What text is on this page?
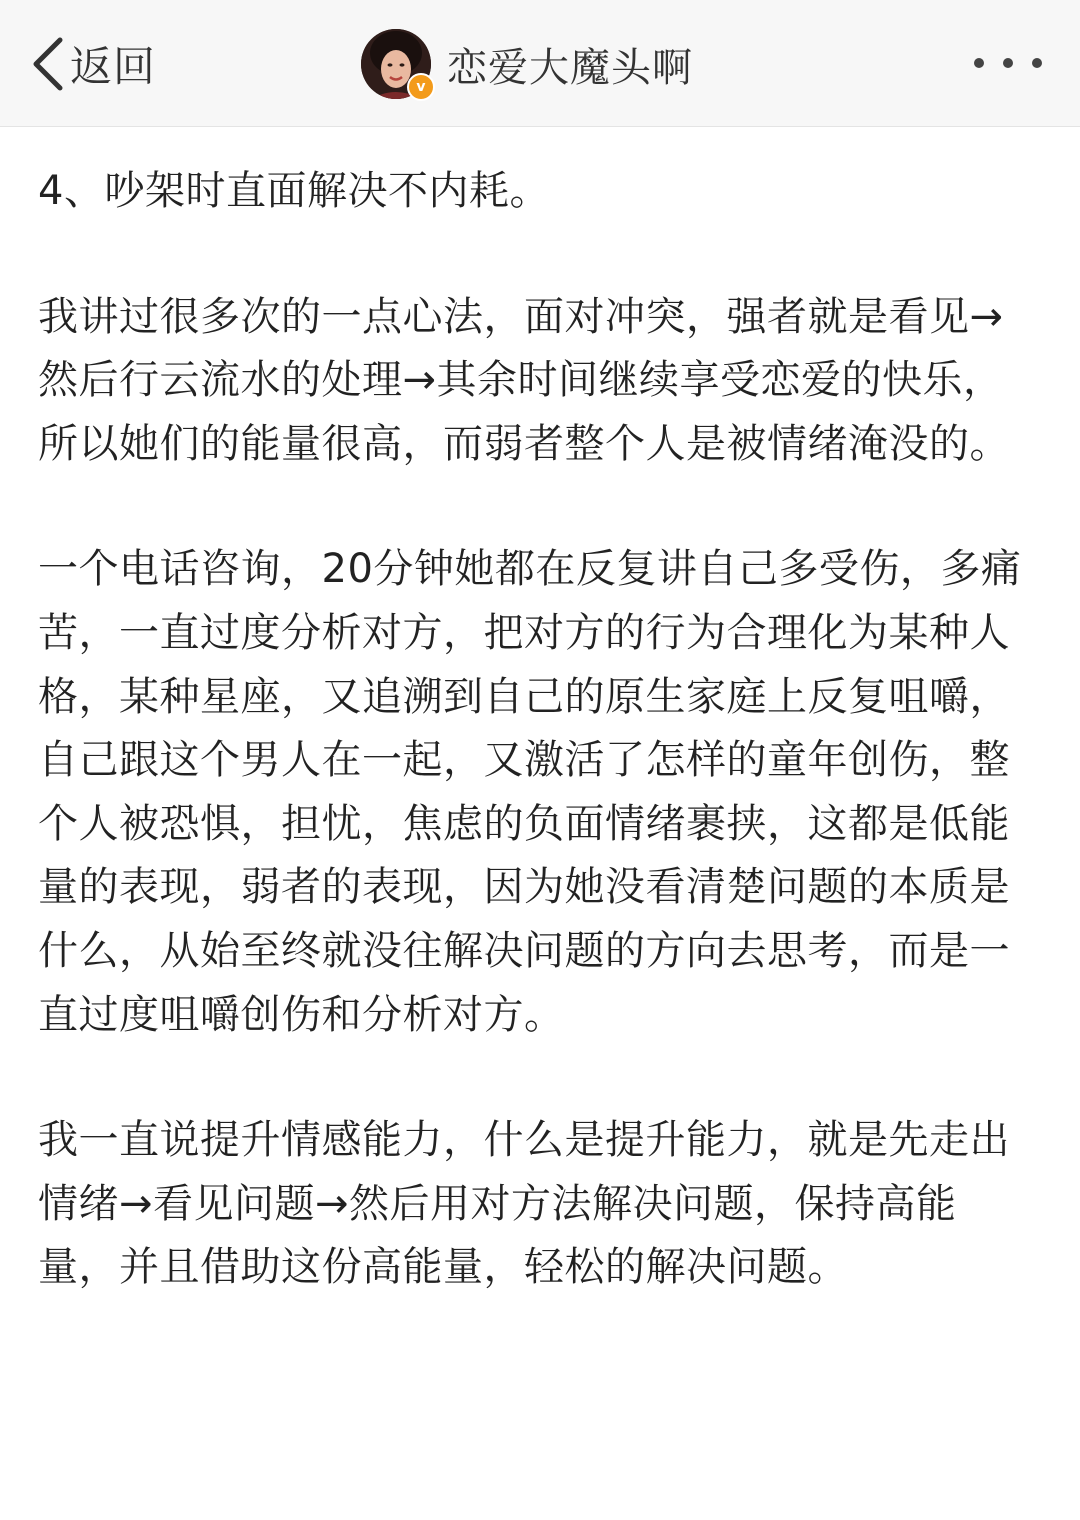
返回	v 恋爱大魔头啊

4、吵架时直面解决不内耗。

我讲过很多次的一点心法，面对冲突，强者就是看见→然后行云流水的处理→其余时间继续享受恋爱的快乐，所以她们的能量很高，而弱者整个人是被情绪淹没的。

一个电话咨询，20分钟她都在反复讲自己多受伤，多痛苦，一直过度分析对方，把对方的行为合理化为某种人格，某种星座，又追溯到自己的原生家庭上反复咀嚼，自己跟这个男人在一起，又激活了怎样的童年创伤，整个人被恐惧，担忧，焦虑的负面情绪裹挟，这都是低能量的表现，弱者的表现，因为她没看清楚问题的本质是什么，从始至终就没往解决问题的方向去思考，而是一直过度咀嚼创伤和分析对方。

我一直说提升情感能力，什么是提升能力，就是先走出情绪→看见问题→然后用对方法解决问题，保持高能量，并且借助这份高能量，轻松的解决问题。
